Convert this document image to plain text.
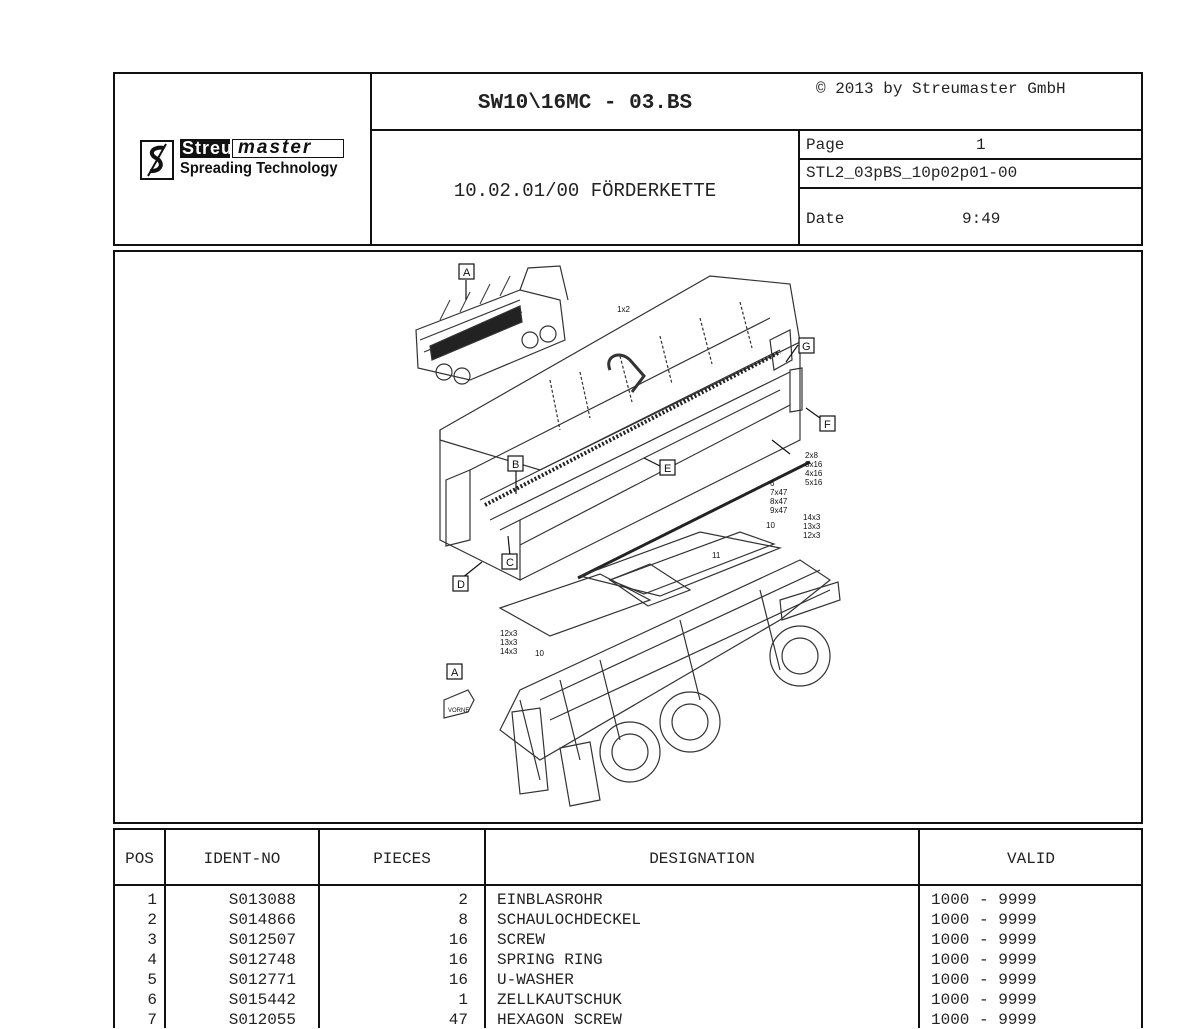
Streu master
Spreading Technology
SW10\16MC - 03.BS
© 2013 by Streumaster GmbH
10.02.01/00 FÖRDERKETTE
Page	1
STL2_03pBS_10p02p01-00
Date	9:49
A
G
F
B	E
C
D
A
1x2
2x8
3x16
4x16
5x16
6
7x47
8x47
9x47
14x3
13x3
12x3
10
11
12x3
13x3
14x3 10
VORNE
POS	IDENT-NO	PIECES	DESIGNATION	VALID
1	S013088	2 EINBLASROHR	1000 - 9999
2	S014866	8 SCHAULOCHDECKEL	1000 - 9999
3	S012507	16 SCREW	1000 - 9999
4	S012748	16 SPRING RING	1000 - 9999
5	S012771	16 U-WASHER	1000 - 9999
6	S015442	1 ZELLKAUTSCHUK	1000 - 9999
7	S012055	47 HEXAGON SCREW	1000 - 9999
